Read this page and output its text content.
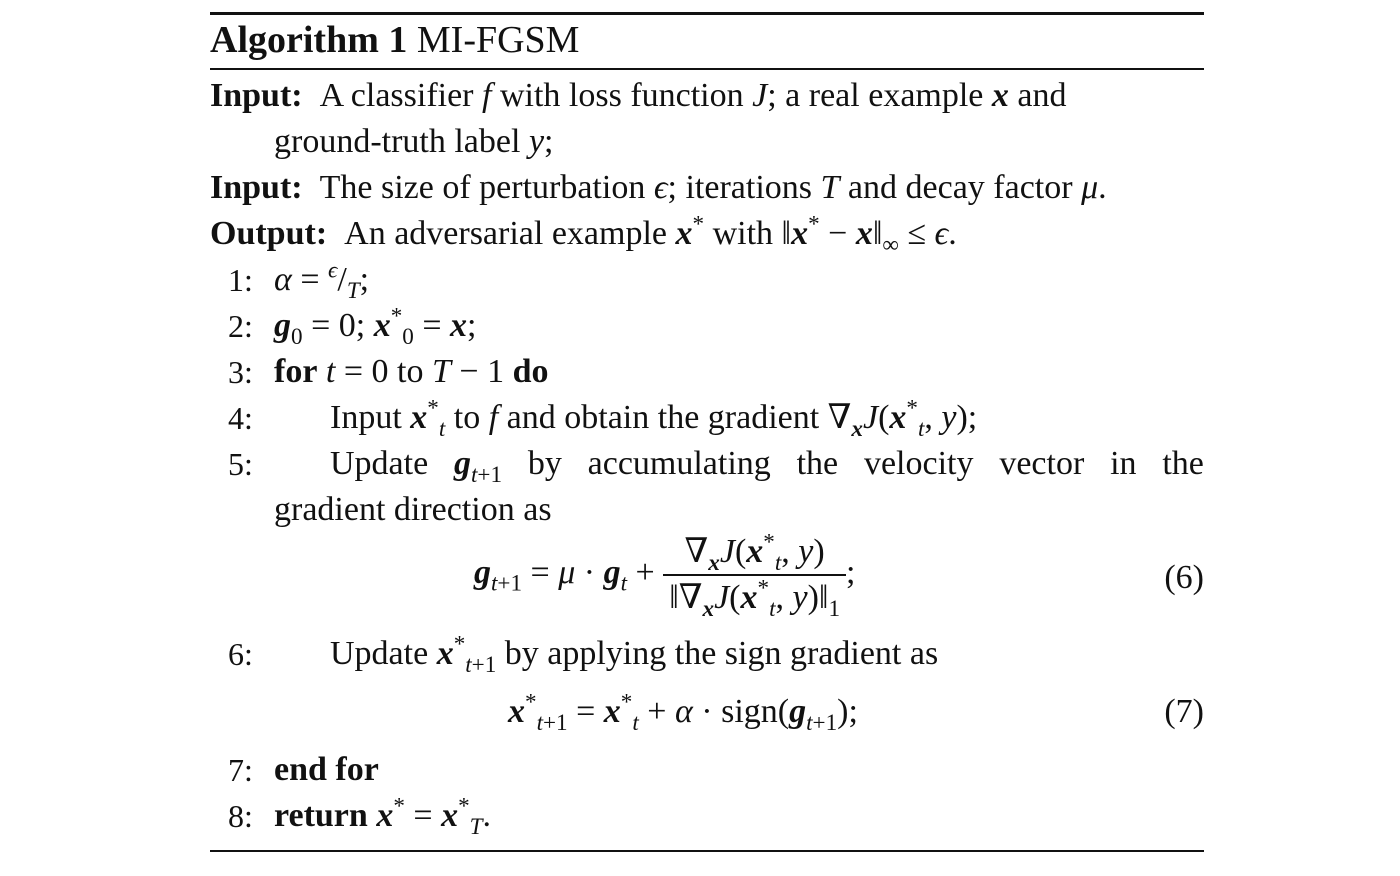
Algorithm 1 MI-FGSM
Input:  A classifier f with loss function J; a real example x and
ground-truth label y;
Input:  The size of perturbation ϵ; iterations T and decay factor μ.
Output:  An adversarial example x* with ‖x* − $x‖_\infty \le \epsilon$.
1: $\alpha = ^\epsilon/_T$;
2: $g_0 = 0$; $x^*_0 = x$;
3: for t = 0 to T − 1 do
4:	Input $x^*_t$ to f and obtain the gradient $\nabla_xJ(x^*_t$, y);
5:	Update $g_{t+1}$ by accumulating the velocity vector in the
gradient direction as
$g_{t+1} = \mu \cdot g_t + \frac{\nabla_xJ(x^*_t, y)}{‖\nabla_xJ(x^*_t, y)‖_1}$ ;	(6)
6:	Update $x^*_{t+1}$ by applying the sign gradient as
$x^*_{t+1} = x^*_t + \alpha$ · $sign(g_{t+1})$;	(7)
7: end for
8: return $x^* = x^*_T$.
